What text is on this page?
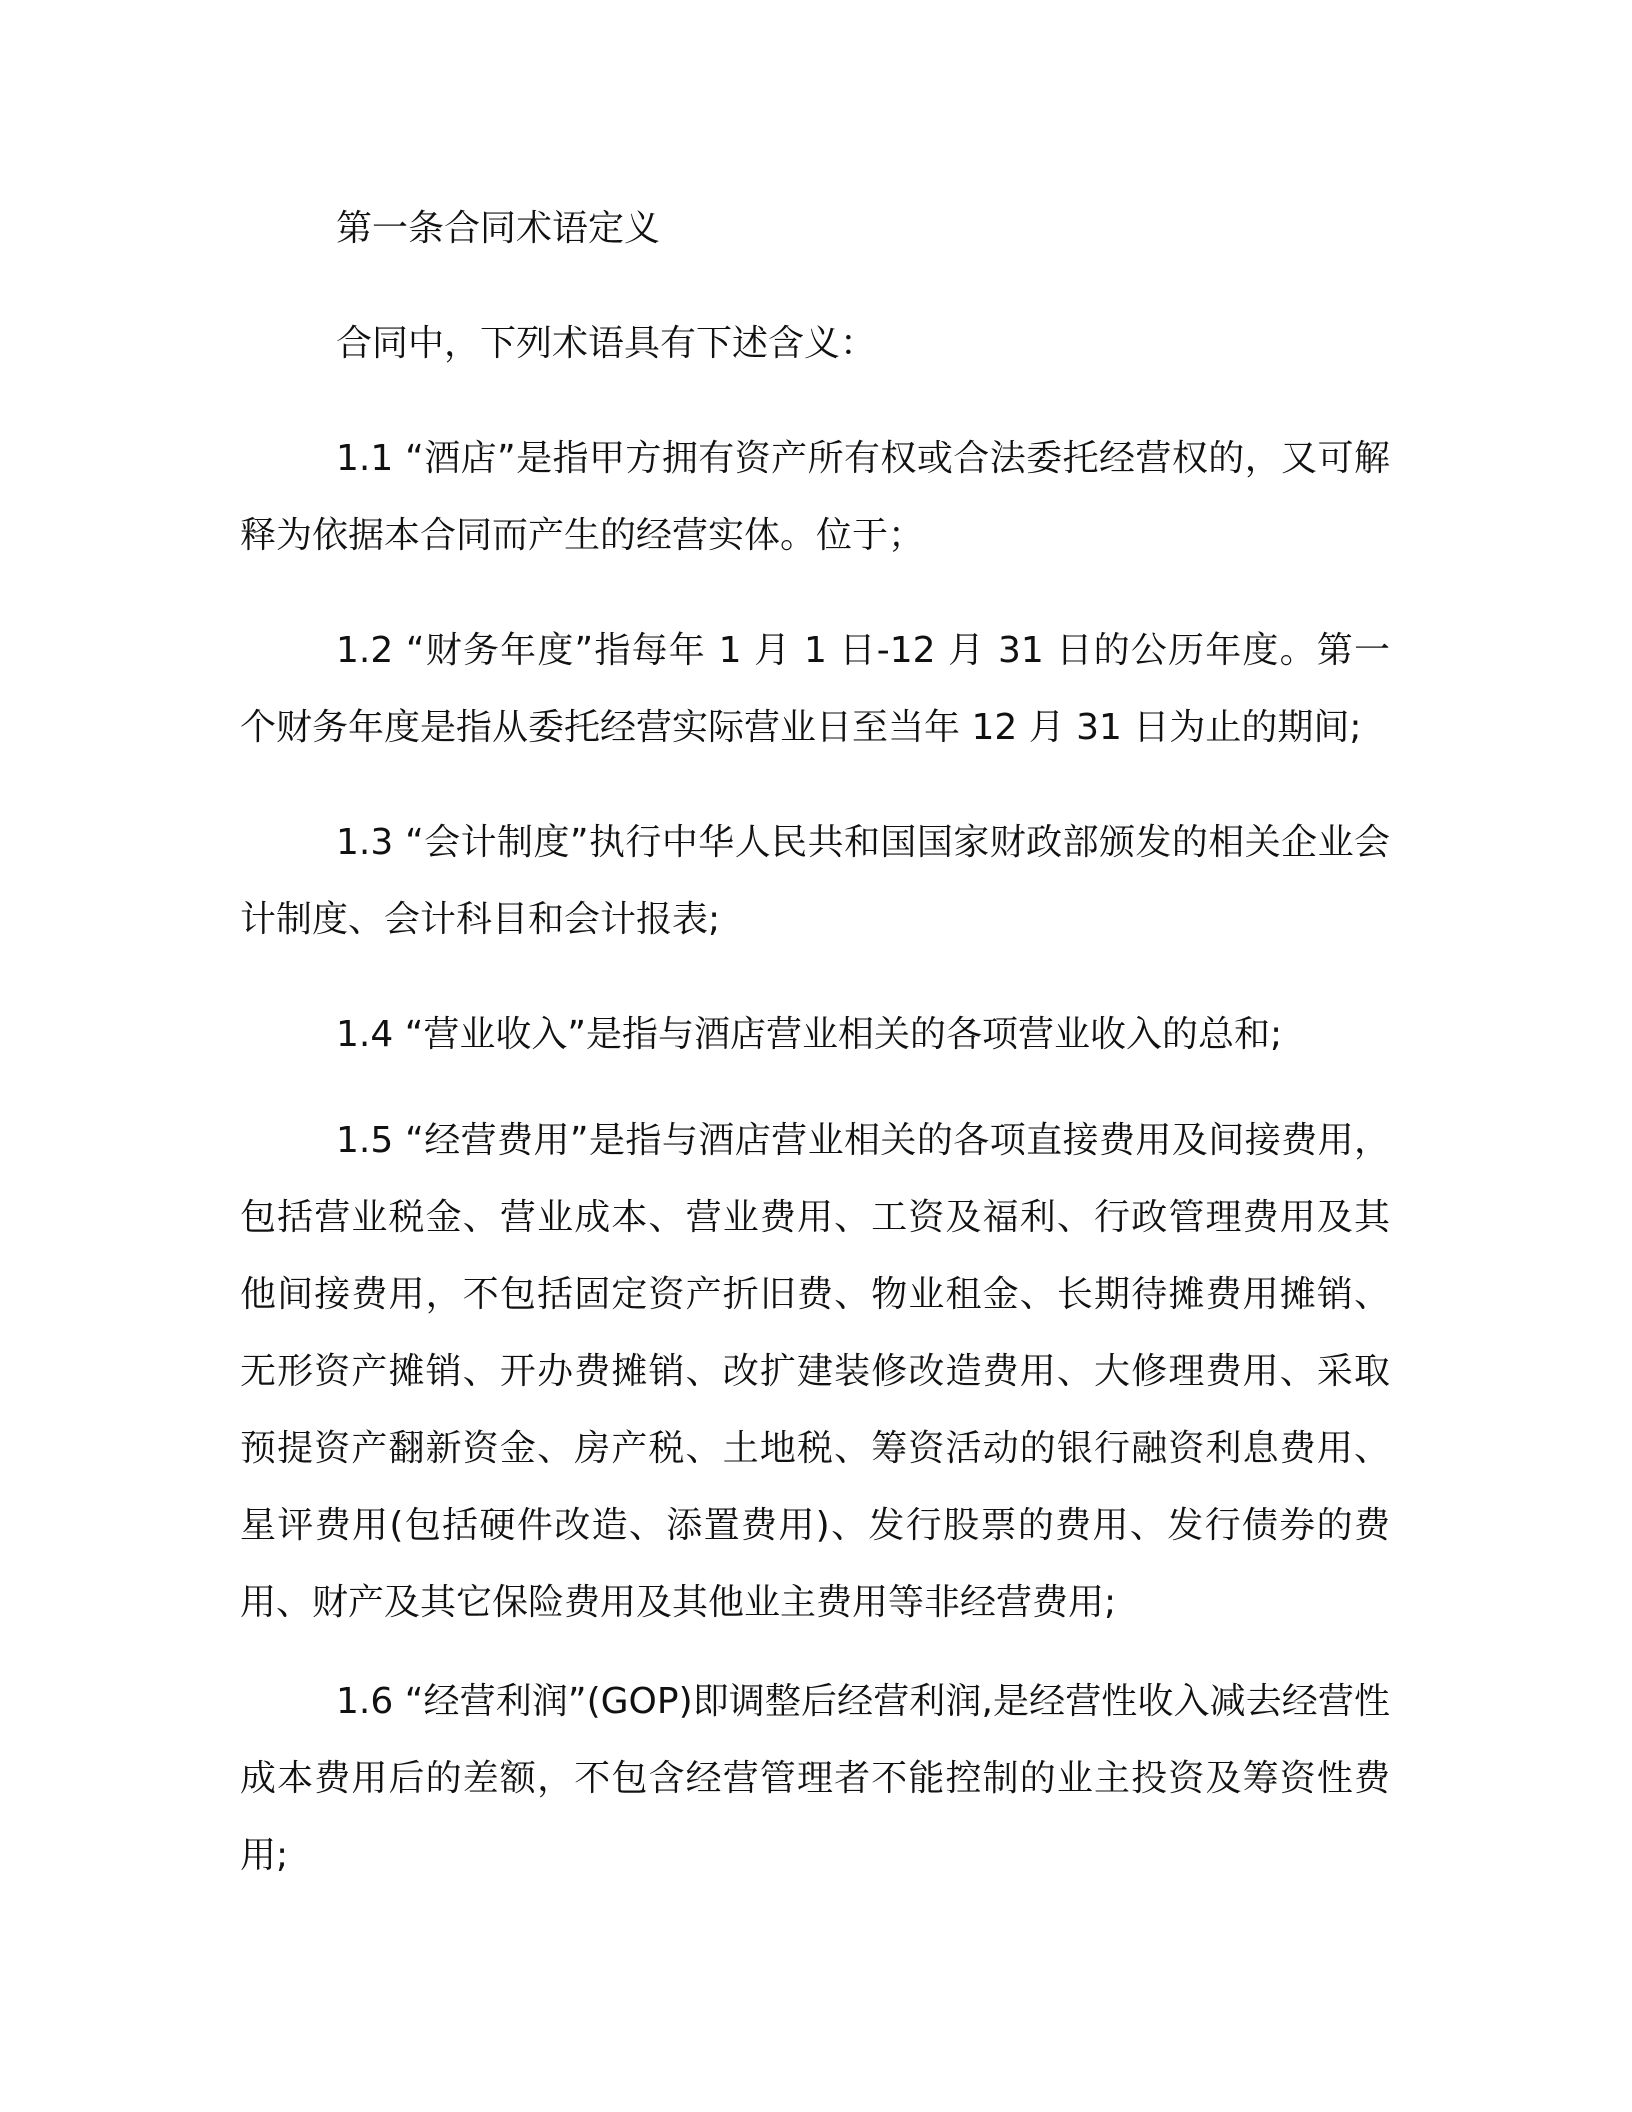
第一条合同术语定义

合同中，下列术语具有下述含义：

1.1 “酒店”是指甲方拥有资产所有权或合法委托经营权的，又可解释为依据本合同而产生的经营实体。位于；

1.2 “财务年度”指每年 1 月 1 日-12 月 31 日的公历年度。第一个财务年度是指从委托经营实际营业日至当年 12 月 31 日为止的期间;

1.3 “会计制度”执行中华人民共和国国家财政部颁发的相关企业会计制度、会计科目和会计报表;

1.4 “营业收入”是指与酒店营业相关的各项营业收入的总和;

1.5 “经营费用”是指与酒店营业相关的各项直接费用及间接费用，包括营业税金、营业成本、营业费用、工资及福利、行政管理费用及其他间接费用，不包括固定资产折旧费、物业租金、长期待摊费用摊销、无形资产摊销、开办费摊销、改扩建装修改造费用、大修理费用、采取预提资产翻新资金、房产税、土地税、筹资活动的银行融资利息费用、星评费用(包括硬件改造、添置费用)、发行股票的费用、发行债券的费用、财产及其它保险费用及其他业主费用等非经营费用;

1.6 “经营利润”(GOP)即调整后经营利润,是经营性收入减去经营性成本费用后的差额，不包含经营管理者不能控制的业主投资及筹资性费用;
